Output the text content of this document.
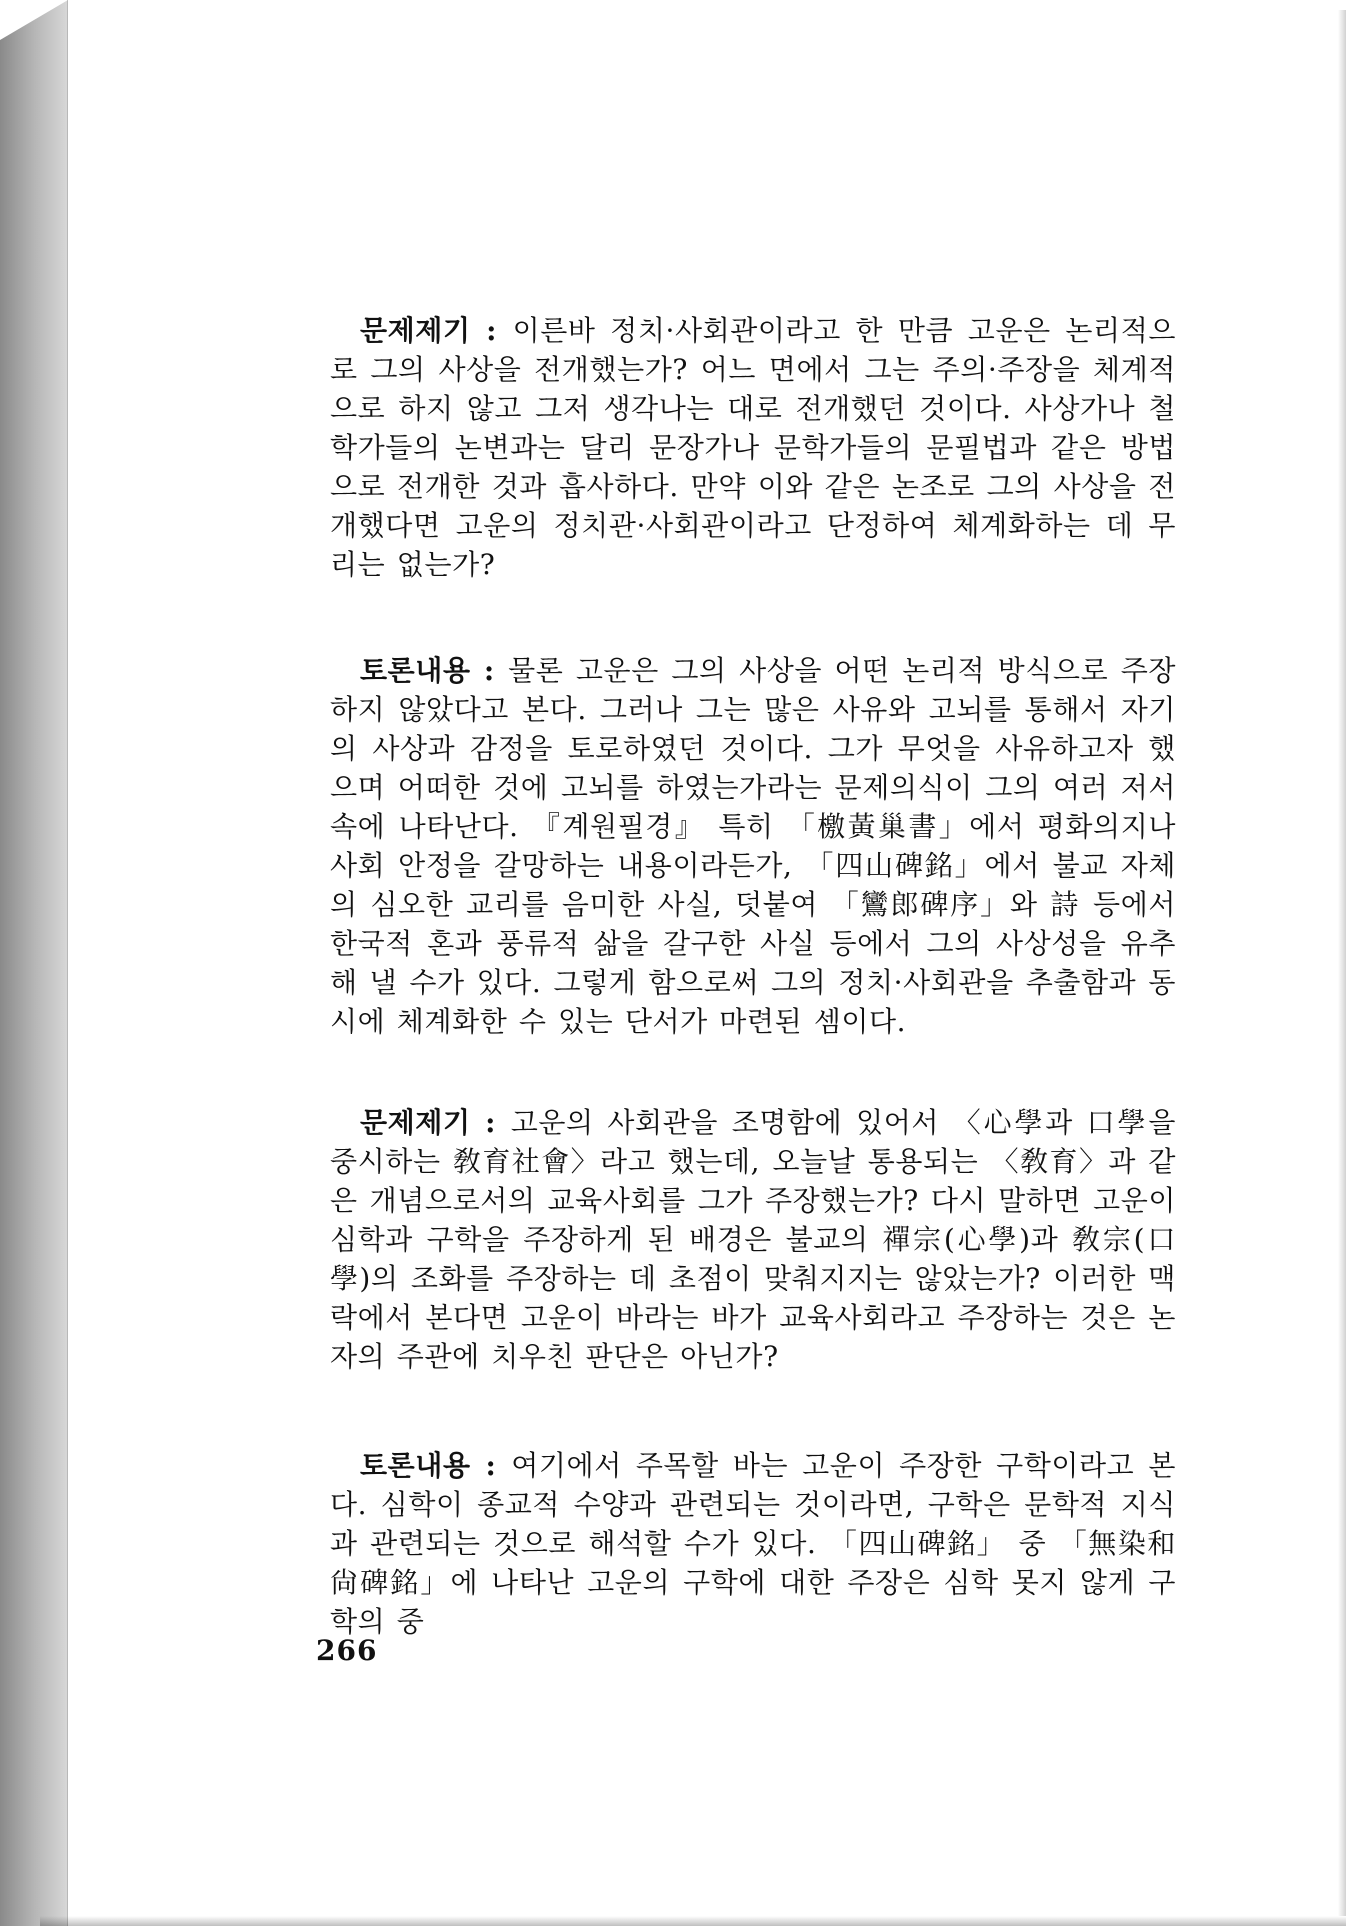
문제제기 : 이른바 정치·사회관이라고 한 만큼 고운은 논리적으로 그의 사상을 전개했는가? 어느 면에서 그는 주의·주장을 체계적으로 하지 않고 그저 생각나는 대로 전개했던 것이다. 사상가나 철학가들의 논변과는 달리 문장가나 문학가들의 문필법과 같은 방법으로 전개한 것과 흡사하다. 만약 이와 같은 논조로 그의 사상을 전개했다면 고운의 정치관·사회관이라고 단정하여 체계화하는 데 무리는 없는가?
토론내용 : 물론 고운은 그의 사상을 어떤 논리적 방식으로 주장하지 않았다고 본다. 그러나 그는 많은 사유와 고뇌를 통해서 자기의 사상과 감정을 토로하였던 것이다. 그가 무엇을 사유하고자 했으며 어떠한 것에 고뇌를 하였는가라는 문제의식이 그의 여러 저서 속에 나타난다. 『계원필경』 특히 「檄黃巢書」에서 평화의지나 사회 안정을 갈망하는 내용이라든가, 「四山碑銘」에서 불교 자체의 심오한 교리를 음미한 사실, 덧붙여 「鸞郎碑序」와 詩 등에서 한국적 혼과 풍류적 삶을 갈구한 사실 등에서 그의 사상성을 유추해 낼 수가 있다. 그렇게 함으로써 그의 정치·사회관을 추출함과 동시에 체계화한 수 있는 단서가 마련된 셈이다.
문제제기 : 고운의 사회관을 조명함에 있어서 〈心學과 口學을 중시하는 敎育社會〉라고 했는데, 오늘날 통용되는 〈敎育〉과 같은 개념으로서의 교육사회를 그가 주장했는가? 다시 말하면 고운이 심학과 구학을 주장하게 된 배경은 불교의 禪宗(心學)과 敎宗(口學)의 조화를 주장하는 데 초점이 맞춰지지는 않았는가? 이러한 맥락에서 본다면 고운이 바라는 바가 교육사회라고 주장하는 것은 논자의 주관에 치우친 판단은 아닌가?
토론내용 : 여기에서 주목할 바는 고운이 주장한 구학이라고 본다. 심학이 종교적 수양과 관련되는 것이라면, 구학은 문학적 지식과 관련되는 것으로 해석할 수가 있다. 「四山碑銘」 중 「無染和尙碑銘」에 나타난 고운의 구학에 대한 주장은 심학 못지 않게 구학의 중
266
